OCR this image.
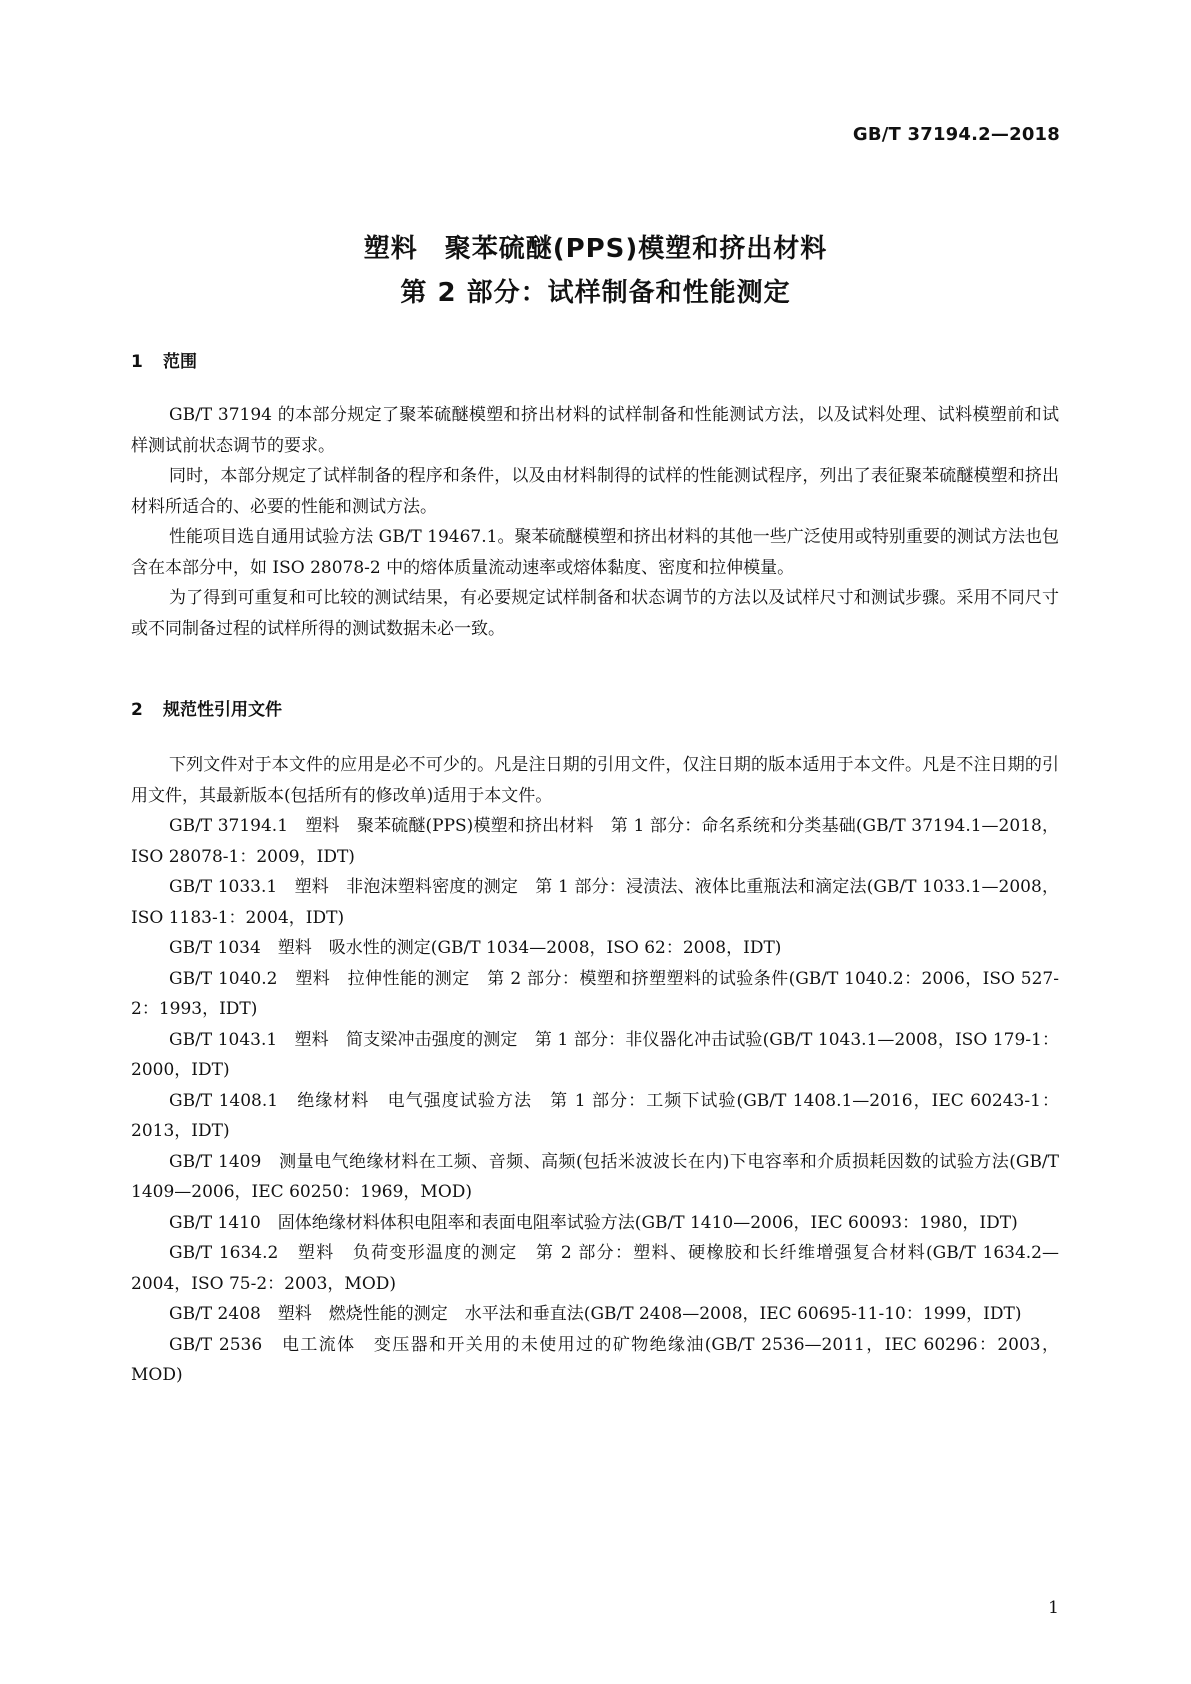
GB/T 37194.2—2018
塑料　聚苯硫醚(PPS)模塑和挤出材料
第 2 部分：试样制备和性能测定
1 范围

GB/T 37194 的本部分规定了聚苯硫醚模塑和挤出材料的试样制备和性能测试方法，以及试料处理、试料模塑前和试样测试前状态调节的要求。

同时，本部分规定了试样制备的程序和条件，以及由材料制得的试样的性能测试程序，列出了表征聚苯硫醚模塑和挤出材料所适合的、必要的性能和测试方法。

性能项目选自通用试验方法 GB/T 19467.1。聚苯硫醚模塑和挤出材料的其他一些广泛使用或特别重要的测试方法也包含在本部分中，如 ISO 28078-2 中的熔体质量流动速率或熔体黏度、密度和拉伸模量。

为了得到可重复和可比较的测试结果，有必要规定试样制备和状态调节的方法以及试样尺寸和测试步骤。采用不同尺寸或不同制备过程的试样所得的测试数据未必一致。

2 规范性引用文件

下列文件对于本文件的应用是必不可少的。凡是注日期的引用文件，仅注日期的版本适用于本文件。凡是不注日期的引用文件，其最新版本(包括所有的修改单)适用于本文件。

GB/T 37194.1　塑料　聚苯硫醚(PPS)模塑和挤出材料　第 1 部分：命名系统和分类基础(GB/T 37194.1—2018，ISO 28078-1：2009，IDT)

GB/T 1033.1　塑料　非泡沫塑料密度的测定　第 1 部分：浸渍法、液体比重瓶法和滴定法(GB/T 1033.1—2008，ISO 1183-1：2004，IDT)

GB/T 1034　塑料　吸水性的测定(GB/T 1034—2008，ISO 62：2008，IDT)

GB/T 1040.2　塑料　拉伸性能的测定　第 2 部分：模塑和挤塑塑料的试验条件(GB/T 1040.2：2006，ISO 527-2：1993，IDT)

GB/T 1043.1　塑料　简支梁冲击强度的测定　第 1 部分：非仪器化冲击试验(GB/T 1043.1—2008，ISO 179-1：2000，IDT)

GB/T 1408.1　绝缘材料　电气强度试验方法　第 1 部分：工频下试验(GB/T 1408.1—2016，IEC 60243-1：2013，IDT)

GB/T 1409　测量电气绝缘材料在工频、音频、高频(包括米波波长在内)下电容率和介质损耗因数的试验方法(GB/T 1409—2006，IEC 60250：1969，MOD)

GB/T 1410　固体绝缘材料体积电阻率和表面电阻率试验方法(GB/T 1410—2006，IEC 60093：1980，IDT)

GB/T 1634.2　塑料　负荷变形温度的测定　第 2 部分：塑料、硬橡胶和长纤维增强复合材料(GB/T 1634.2—2004，ISO 75-2：2003，MOD)

GB/T 2408　塑料　燃烧性能的测定　水平法和垂直法(GB/T 2408—2008，IEC 60695-11-10：1999，IDT)

GB/T 2536　电工流体　变压器和开关用的未使用过的矿物绝缘油(GB/T 2536—2011，IEC 60296：2003，MOD)

1
